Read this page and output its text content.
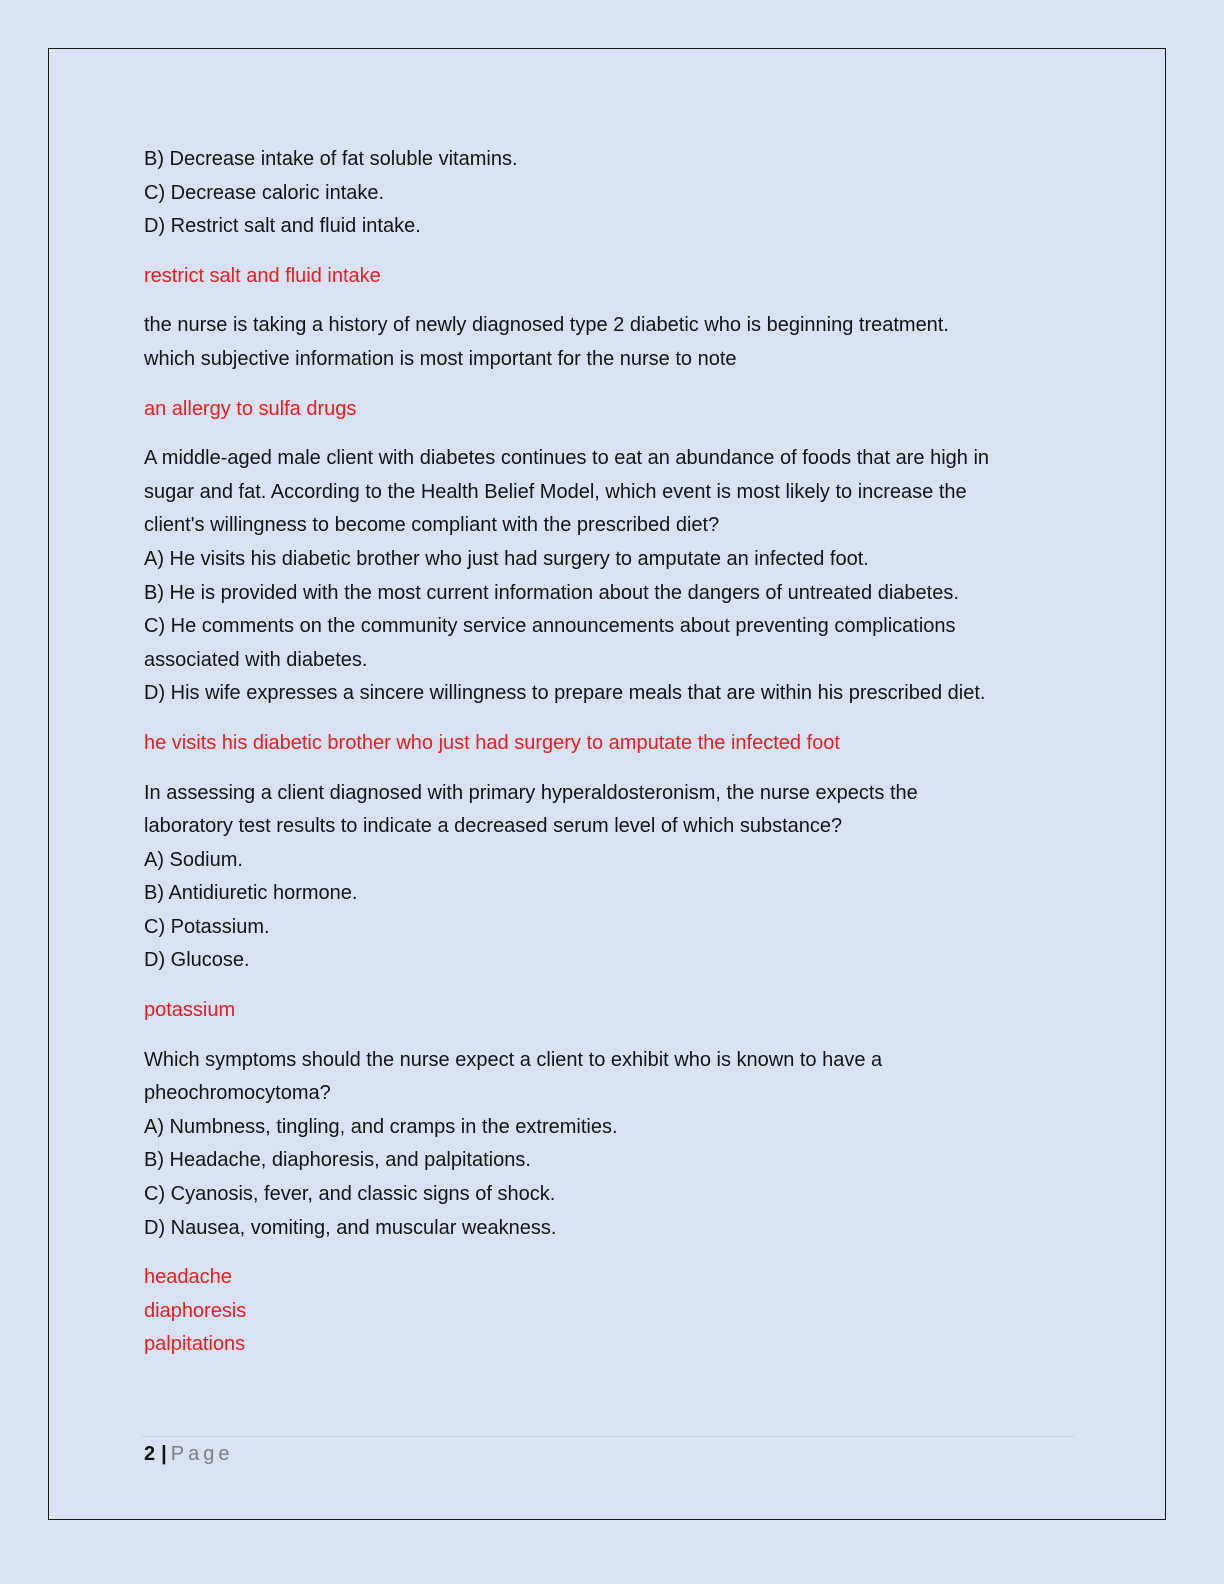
B) Decrease intake of fat soluble vitamins.
C) Decrease caloric intake.
D) Restrict salt and fluid intake.
restrict salt and fluid intake
the nurse is taking a history of newly diagnosed type 2 diabetic who is beginning treatment.
which subjective information is most important for the nurse to note
an allergy to sulfa drugs
A middle-aged male client with diabetes continues to eat an abundance of foods that are high in
sugar and fat. According to the Health Belief Model, which event is most likely to increase the
client's willingness to become compliant with the prescribed diet?
A) He visits his diabetic brother who just had surgery to amputate an infected foot.
B) He is provided with the most current information about the dangers of untreated diabetes.
C) He comments on the community service announcements about preventing complications
associated with diabetes.
D) His wife expresses a sincere willingness to prepare meals that are within his prescribed diet.
he visits his diabetic brother who just had surgery to amputate the infected foot
In assessing a client diagnosed with primary hyperaldosteronism, the nurse expects the
laboratory test results to indicate a decreased serum level of which substance?
A) Sodium.
B) Antidiuretic hormone.
C) Potassium.
D) Glucose.
potassium
Which symptoms should the nurse expect a client to exhibit who is known to have a
pheochromocytoma?
A) Numbness, tingling, and cramps in the extremities.
B) Headache, diaphoresis, and palpitations.
C) Cyanosis, fever, and classic signs of shock.
D) Nausea, vomiting, and muscular weakness.
headache
diaphoresis
palpitations
2 | Page
